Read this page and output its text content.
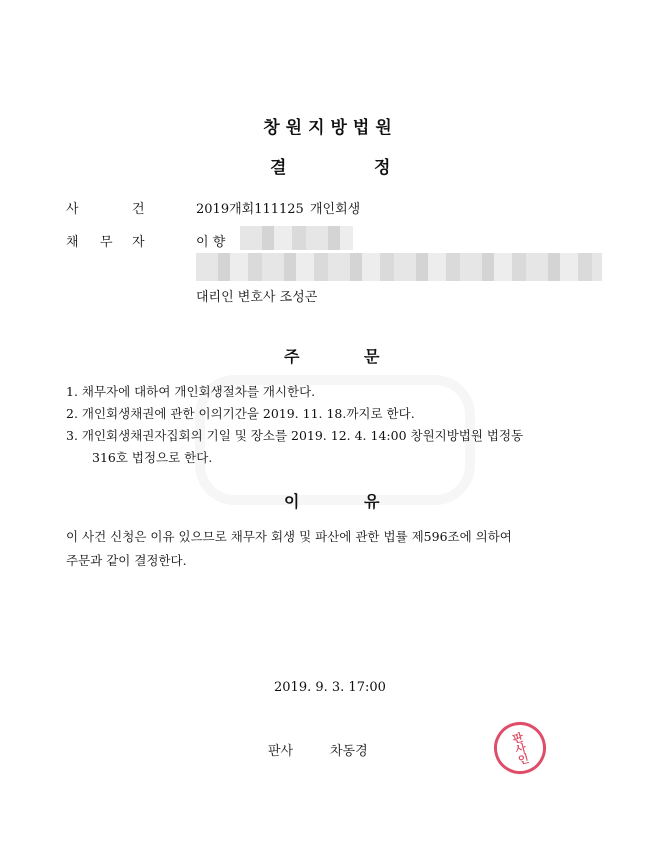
창원지방법원
결	정
사	건	2019개회111125 개인회생
채 무 자	이 향
대리인 변호사 조성곤
주	문
1. 채무자에 대하여 개인회생절차를 개시한다.
2. 개인회생채권에 관한 이의기간을 2019. 11. 18.까지로 한다.
3. 개인회생채권자집회의 기일 및 장소를 2019. 12. 4. 14:00 창원지방법원 법정동
316호 법정으로 한다.
이	유
이 사건 신청은 이유 있으므로 채무자 회생 및 파산에 관한 법률 제596조에 의하여
주문과 같이 결정한다.
2019. 9. 3. 17:00
판사	차동경	판사인
